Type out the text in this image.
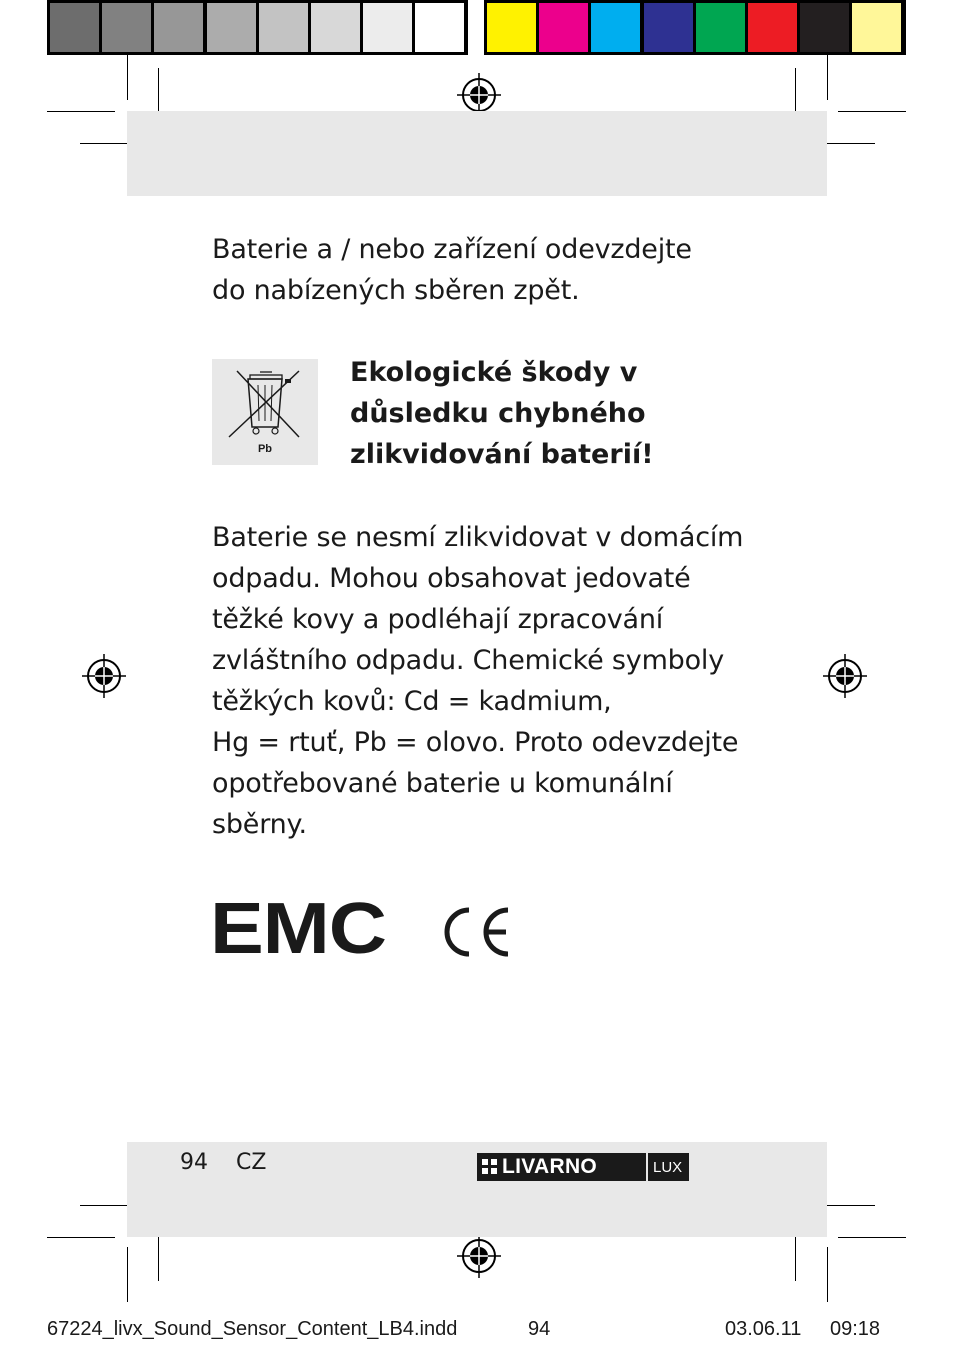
Baterie a / nebo zařízení odevzdejte
do nabízených sběren zpět.
Pb
Ekologické škody v
důsledku chybného
zlikvidování baterií!
Baterie se nesmí zlikvidovat v domácím
odpadu. Mohou obsahovat jedovaté
těžké kovy a podléhají zpracování
zvláštního odpadu. Chemické symboly
těžkých kovů: Cd = kadmium,
Hg = rtuť, Pb = olovo. Proto odevzdejte
opotřebované baterie u komunální
sběrny.
EMC
94 CZ	LIVARNO	LUX
67224_livx_Sound_Sensor_Content_LB4.indd	94	03.06.11 09:18
